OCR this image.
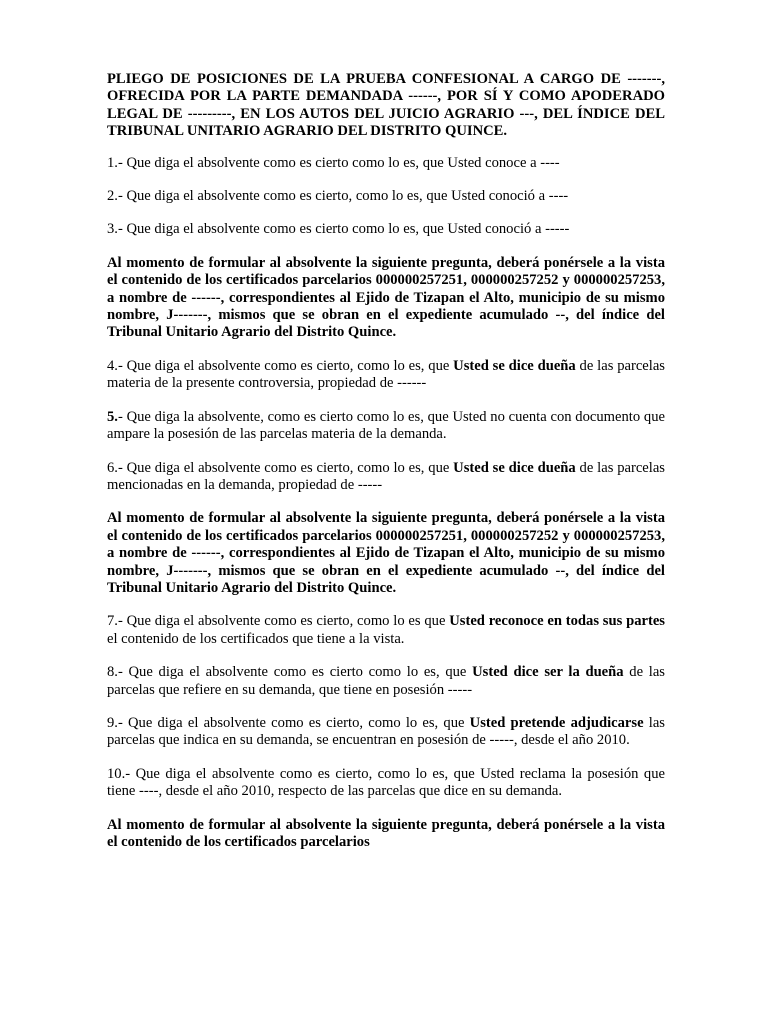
PLIEGO DE POSICIONES DE LA PRUEBA CONFESIONAL A CARGO DE -------, OFRECIDA POR LA PARTE DEMANDADA ------, POR SÍ Y COMO APODERADO LEGAL DE ---------, EN LOS AUTOS DEL JUICIO AGRARIO ---, DEL ÍNDICE DEL TRIBUNAL UNITARIO AGRARIO DEL DISTRITO QUINCE.

1.- Que diga el absolvente como es cierto como lo es, que Usted conoce a ----

2.- Que diga el absolvente como es cierto, como lo es, que Usted conoció a ----

3.- Que diga el absolvente como es cierto como lo es, que Usted conoció a -----

Al momento de formular al absolvente la siguiente pregunta, deberá ponérsele a la vista el contenido de los certificados parcelarios 000000257251, 000000257252 y 000000257253, a nombre de ------, correspondientes al Ejido de Tizapan el Alto, municipio de su mismo nombre, J-------, mismos que se obran en el expediente acumulado --, del índice del Tribunal Unitario Agrario del Distrito Quince.

4.- Que diga el absolvente como es cierto, como lo es, que Usted se dice dueña de las parcelas materia de la presente controversia, propiedad de ------

5.- Que diga la absolvente, como es cierto como lo es, que Usted no cuenta con documento que ampare la posesión de las parcelas materia de la demanda.

6.- Que diga el absolvente como es cierto, como lo es, que Usted se dice dueña de las parcelas mencionadas en la demanda, propiedad de -----

Al momento de formular al absolvente la siguiente pregunta, deberá ponérsele a la vista el contenido de los certificados parcelarios 000000257251, 000000257252 y 000000257253, a nombre de ------, correspondientes al Ejido de Tizapan el Alto, municipio de su mismo nombre, J-------, mismos que se obran en el expediente acumulado --, del índice del Tribunal Unitario Agrario del Distrito Quince.

7.- Que diga el absolvente como es cierto, como lo es que Usted reconoce en todas sus partes el contenido de los certificados que tiene a la vista.

8.- Que diga el absolvente como es cierto como lo es, que Usted dice ser la dueña de las parcelas que refiere en su demanda, que tiene en posesión -----

9.- Que diga el absolvente como es cierto, como lo es, que Usted pretende adjudicarse las parcelas que indica en su demanda, se encuentran en posesión de -----, desde el año 2010.

10.- Que diga el absolvente como es cierto, como lo es, que Usted reclama la posesión que tiene ----, desde el año 2010, respecto de las parcelas que dice en su demanda.

Al momento de formular al absolvente la siguiente pregunta, deberá ponérsele a la vista el contenido de los certificados parcelarios
